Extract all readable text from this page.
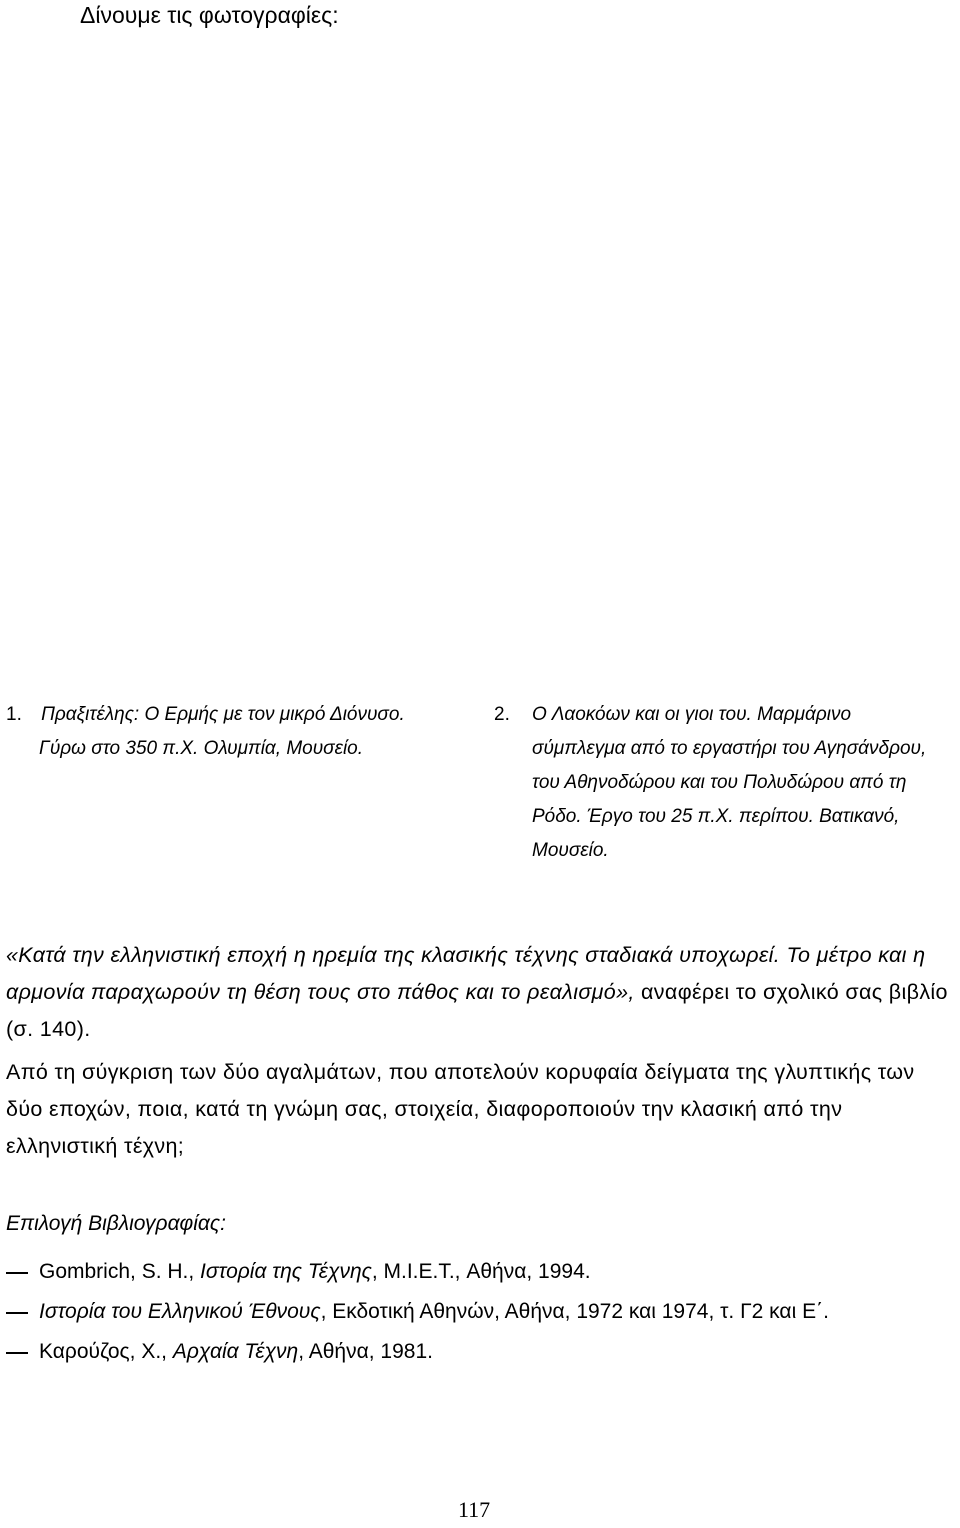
Δίνουμε τις φωτογραφίες:
1. Πραξιτέλης: Ο Ερμής με τον μικρό Διόνυσο.
Γύρω στο 350 π.Χ. Ολυμπία, Μουσείο.
2. Ο Λαοκόων και οι γιοι του. Μαρμάρινο
σύμπλεγμα από το εργαστήρι του Αγησάνδρου,
του Αθηνοδώρου και του Πολυδώρου από τη
Ρόδο. Έργο του 25 π.Χ. περίπου. Βατικανό,
Μουσείο.

«Κατά την ελληνιστική εποχή η ηρεμία της κλασικής τέχνης σταδιακά υποχωρεί. Το μέτρο και η αρμονία παραχωρούν τη θέση τους στο πάθος και το ρεαλισμό», αναφέρει το σχολικό σας βιβλίο (σ. 140).

Από τη σύγκριση των δύο αγαλμάτων, που αποτελούν κορυφαία δείγματα της γλυπτικής των δύο εποχών, ποια, κατά τη γνώμη σας, στοιχεία, διαφοροποιούν την κλασική από την ελληνιστική τέχνη;

Επιλογή Βιβλιογραφίας:
Gombrich, S. H., Ιστορία της Τέχνης, M.I.E.T., Αθήνα, 1994.
Ιστορία του Ελληνικού Έθνους, Εκδοτική Αθηνών, Αθήνα, 1972 και 1974, τ. Γ2 και Ε΄.
Καρούζος, Χ., Αρχαία Τέχνη, Αθήνα, 1981.
117
